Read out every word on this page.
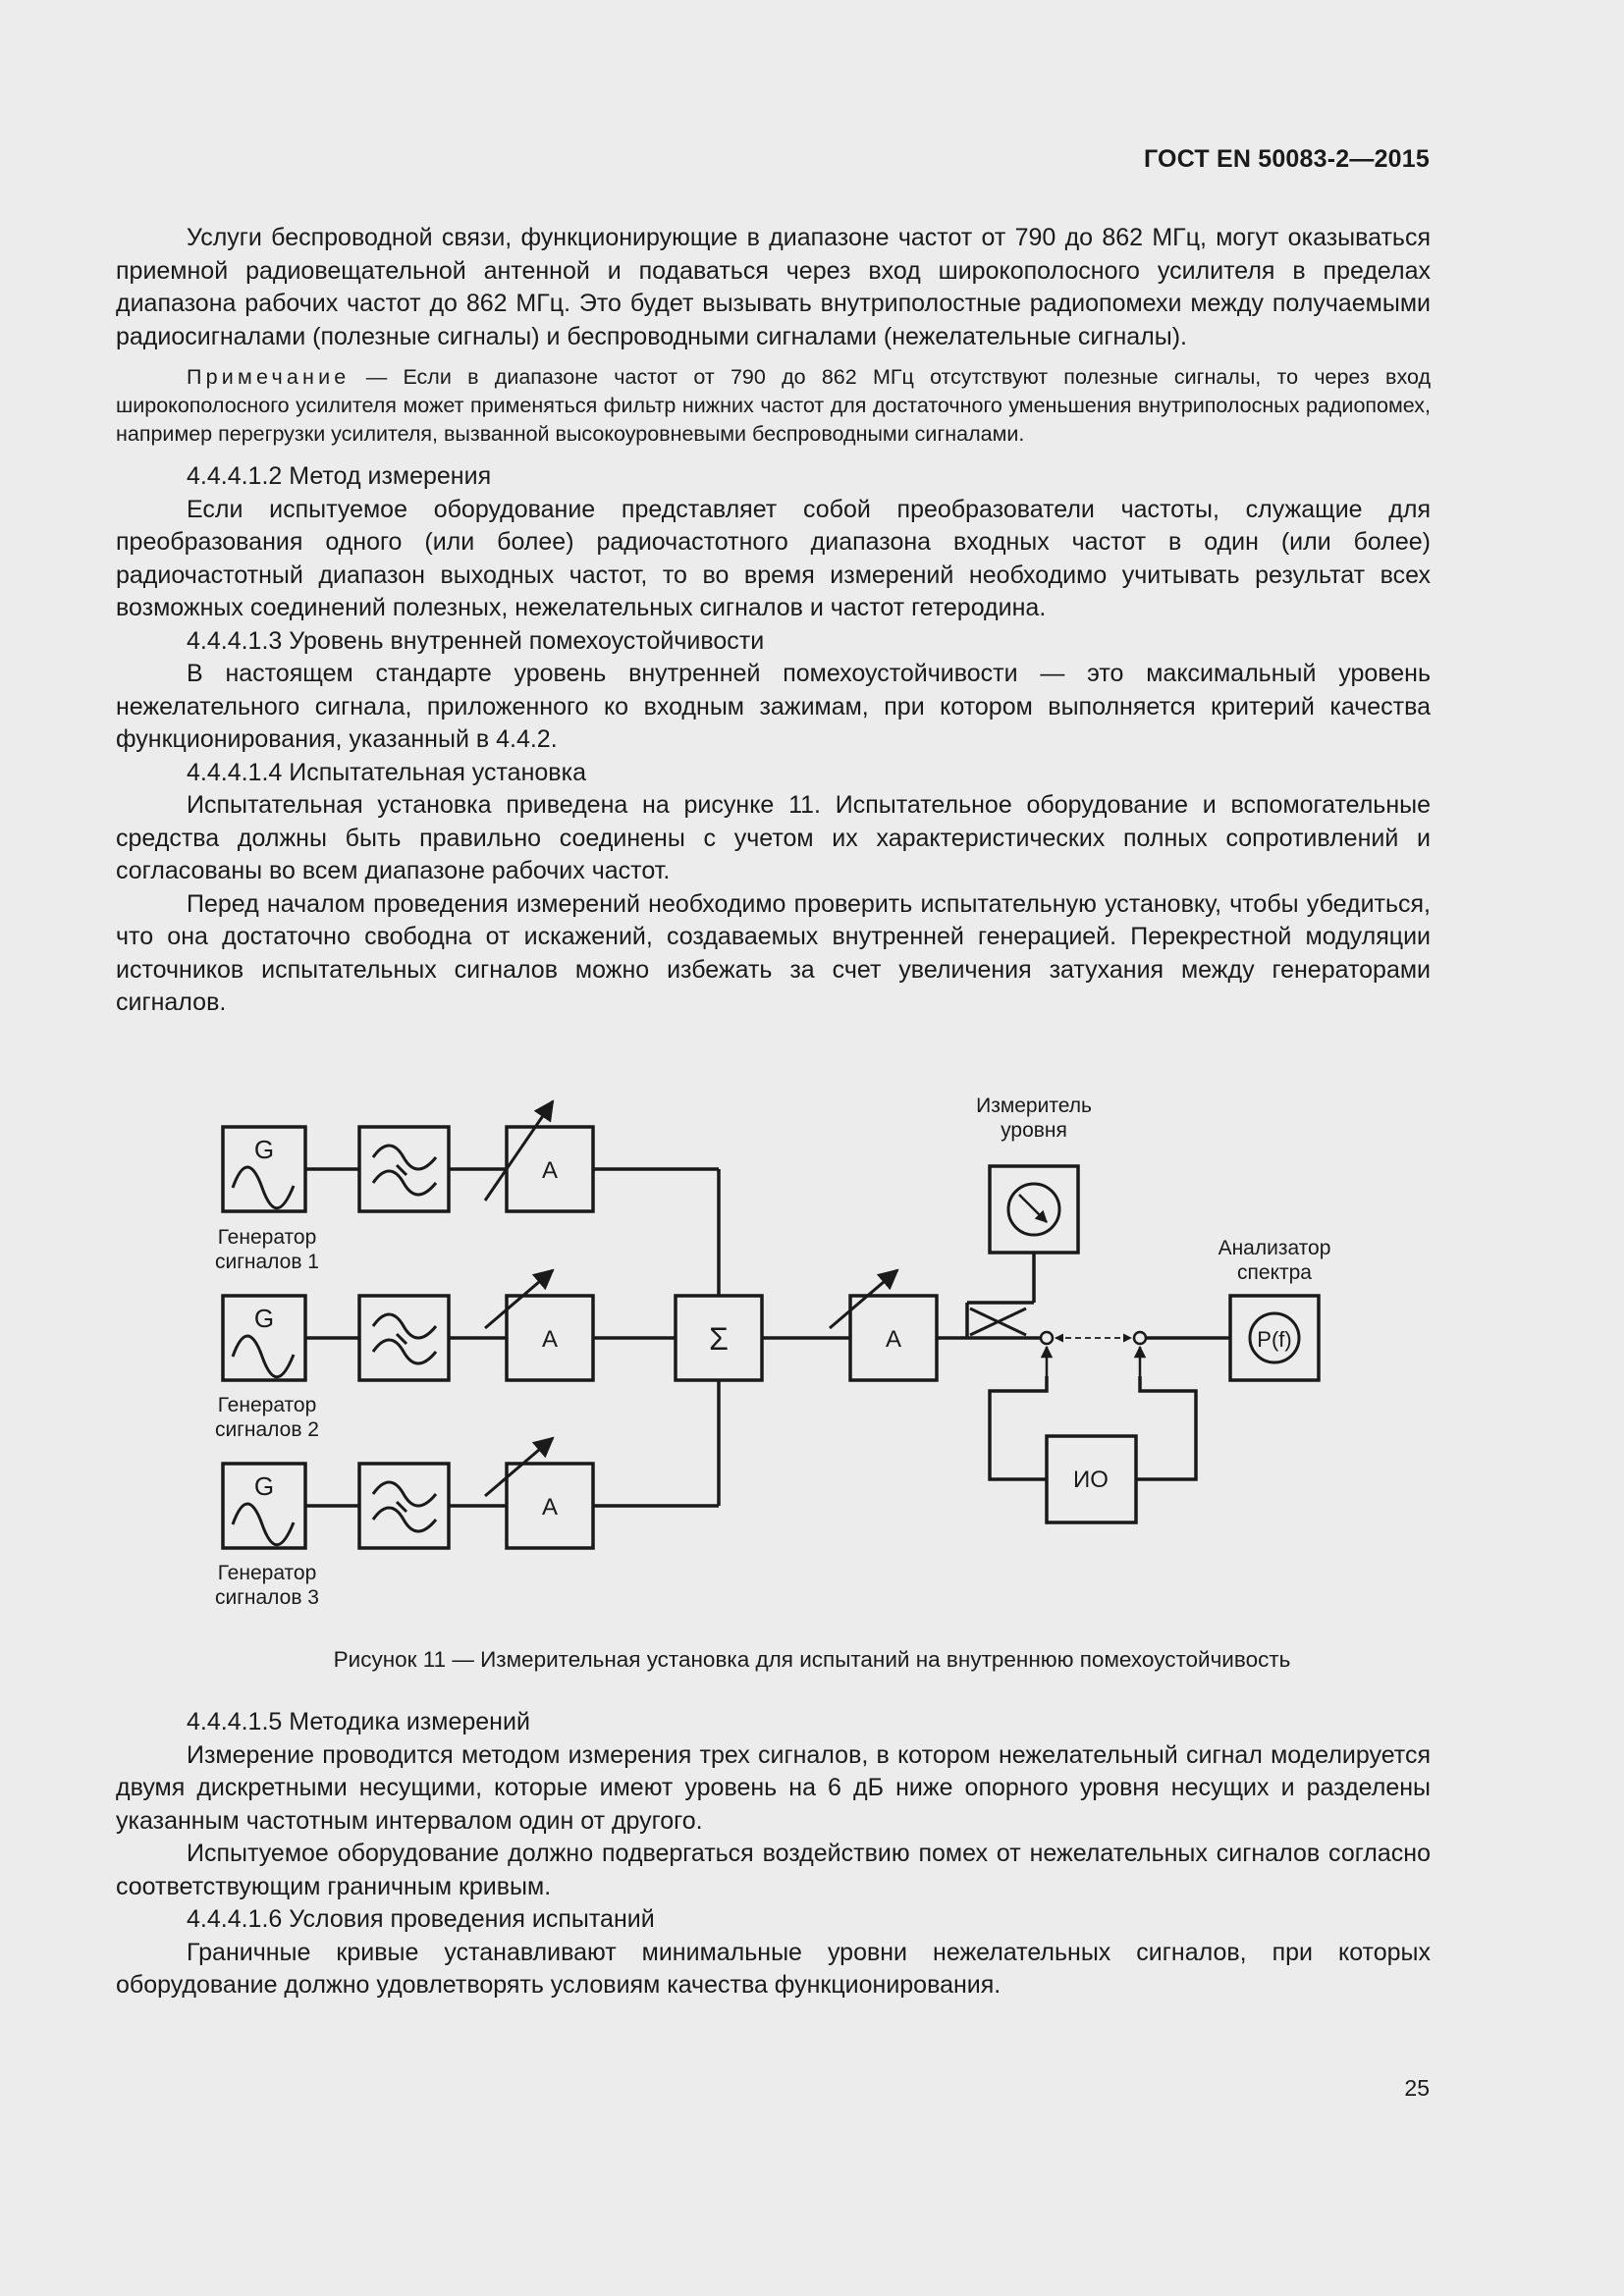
ГОСТ EN 50083-2—2015

Услуги беспроводной связи, функционирующие в диапазоне частот от 790 до 862 МГц, могут оказываться приемной радиовещательной антенной и подаваться через вход широкополосного усилителя в пределах диапазона рабочих частот до 862 МГц. Это будет вызывать внутриполостные радиопомехи между получаемыми радиосигналами (полезные сигналы) и беспроводными сигналами (нежелательные сигналы).

Примечание — Если в диапазоне частот от 790 до 862 МГц отсутствуют полезные сигналы, то через вход широкополосного усилителя может применяться фильтр нижних частот для достаточного уменьшения внутриполосных радиопомех, например перегрузки усилителя, вызванной высокоуровневыми беспроводными сигналами.

4.4.4.1.2 Метод измерения

Если испытуемое оборудование представляет собой преобразователи частоты, служащие для преобразования одного (или более) радиочастотного диапазона входных частот в один (или более) радиочастотный диапазон выходных частот, то во время измерений необходимо учитывать результат всех возможных соединений полезных, нежелательных сигналов и частот гетеродина.

4.4.4.1.3 Уровень внутренней помехоустойчивости

В настоящем стандарте уровень внутренней помехоустойчивости — это максимальный уровень нежелательного сигнала, приложенного ко входным зажимам, при котором выполняется критерий качества функционирования, указанный в 4.4.2.

4.4.4.1.4 Испытательная установка

Испытательная установка приведена на рисунке 11. Испытательное оборудование и вспомогательные средства должны быть правильно соединены с учетом их характеристических полных сопротивлений и согласованы во всем диапазоне рабочих частот.

Перед началом проведения измерений необходимо проверить испытательную установку, чтобы убедиться, что она достаточно свободна от искажений, создаваемых внутренней генерацией. Перекрестной модуляции источников испытательных сигналов можно избежать за счет увеличения затухания между генераторами сигналов.

G
G
G
A
A
A
Σ	A	P(f)
ИО
Генератор
сигналов 1
Генератор
сигналов 2
Генератор
сигналов 3
Измеритель
уровня
Анализатор
спектра
Рисунок 11 — Измерительная установка для испытаний на внутреннюю помехоустойчивость

4.4.4.1.5 Методика измерений

Измерение проводится методом измерения трех сигналов, в котором нежелательный сигнал моделируется двумя дискретными несущими, которые имеют уровень на 6 дБ ниже опорного уровня несущих и разделены указанным частотным интервалом один от другого.

Испытуемое оборудование должно подвергаться воздействию помех от нежелательных сигналов согласно соответствующим граничным кривым.

4.4.4.1.6 Условия проведения испытаний

Граничные кривые устанавливают минимальные уровни нежелательных сигналов, при которых оборудование должно удовлетворять условиям качества функционирования.

25
